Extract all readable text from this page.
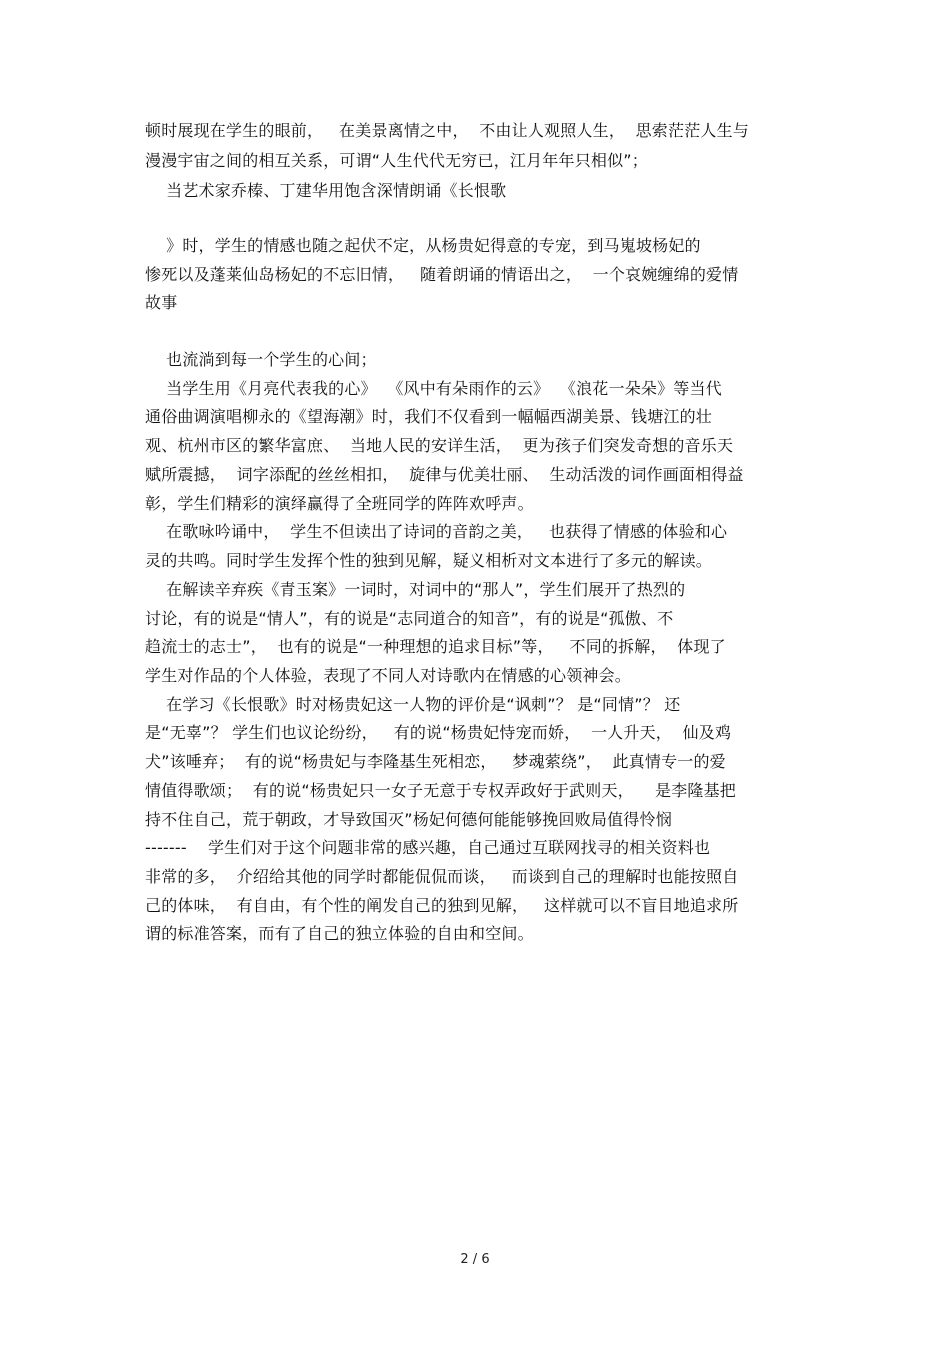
顿时展现在学生的眼前，   在美景离情之中，  不由让人观照人生，  思索茫茫人生与
漫漫宇宙之间的相互关系，可谓“人生代代无穷已，江月年年只相似”；
当艺术家乔榛、丁建华用饱含深情朗诵《长恨歌
》时，学生的情感也随之起伏不定，从杨贵妃得意的专宠，到马嵬坡杨妃的
惨死以及蓬莱仙岛杨妃的不忘旧情，   随着朗诵的情语出之，  一个哀婉缠绵的爱情
故事
也流淌到每一个学生的心间；
当学生用《月亮代表我的心》  《风中有朵雨作的云》  《浪花一朵朵》等当代
通俗曲调演唱柳永的《望海潮》时，我们不仅看到一幅幅西湖美景、钱塘江的壮
观、杭州市区的繁华富庶、  当地人民的安详生活，  更为孩子们突发奇想的音乐天
赋所震撼，  词字添配的丝丝相扣，  旋律与优美壮丽、  生动活泼的词作画面相得益
彰，学生们精彩的演绎赢得了全班同学的阵阵欢呼声。
在歌咏吟诵中，  学生不但读出了诗词的音韵之美，   也获得了情感的体验和心
灵的共鸣。同时学生发挥个性的独到见解，疑义相析对文本进行了多元的解读。
在解读辛弃疾《青玉案》一词时，对词中的“那人”，学生们展开了热烈的
讨论，有的说是“情人”，有的说是“志同道合的知音”，有的说是“孤傲、不
趋流士的志士”，  也有的说是“一种理想的追求目标”等，   不同的拆解，  体现了
学生对作品的个人体验，表现了不同人对诗歌内在情感的心领神会。
在学习《长恨歌》时对杨贵妃这一人物的评价是“讽刺”？ 是“同情”？ 还
是“无辜”？ 学生们也议论纷纷，   有的说“杨贵妃恃宠而娇，  一人升天，  仙及鸡
犬”该唾弃；  有的说“杨贵妃与李隆基生死相恋，   梦魂萦绕”，  此真情专一的爱
情值得歌颂；  有的说“杨贵妃只一女子无意于专权弄政好于武则天，    是李隆基把
持不住自己，荒于朝政，才导致国灭”杨妃何德何能能够挽回败局值得怜悯
-------    学生们对于这个问题非常的感兴趣，自己通过互联网找寻的相关资料也
非常的多，  介绍给其他的同学时都能侃侃而谈，   而谈到自己的理解时也能按照自
己的体味，  有自由，有个性的阐发自己的独到见解，   这样就可以不盲目地追求所
谓的标准答案，而有了自己的独立体验的自由和空间。
2 / 6
